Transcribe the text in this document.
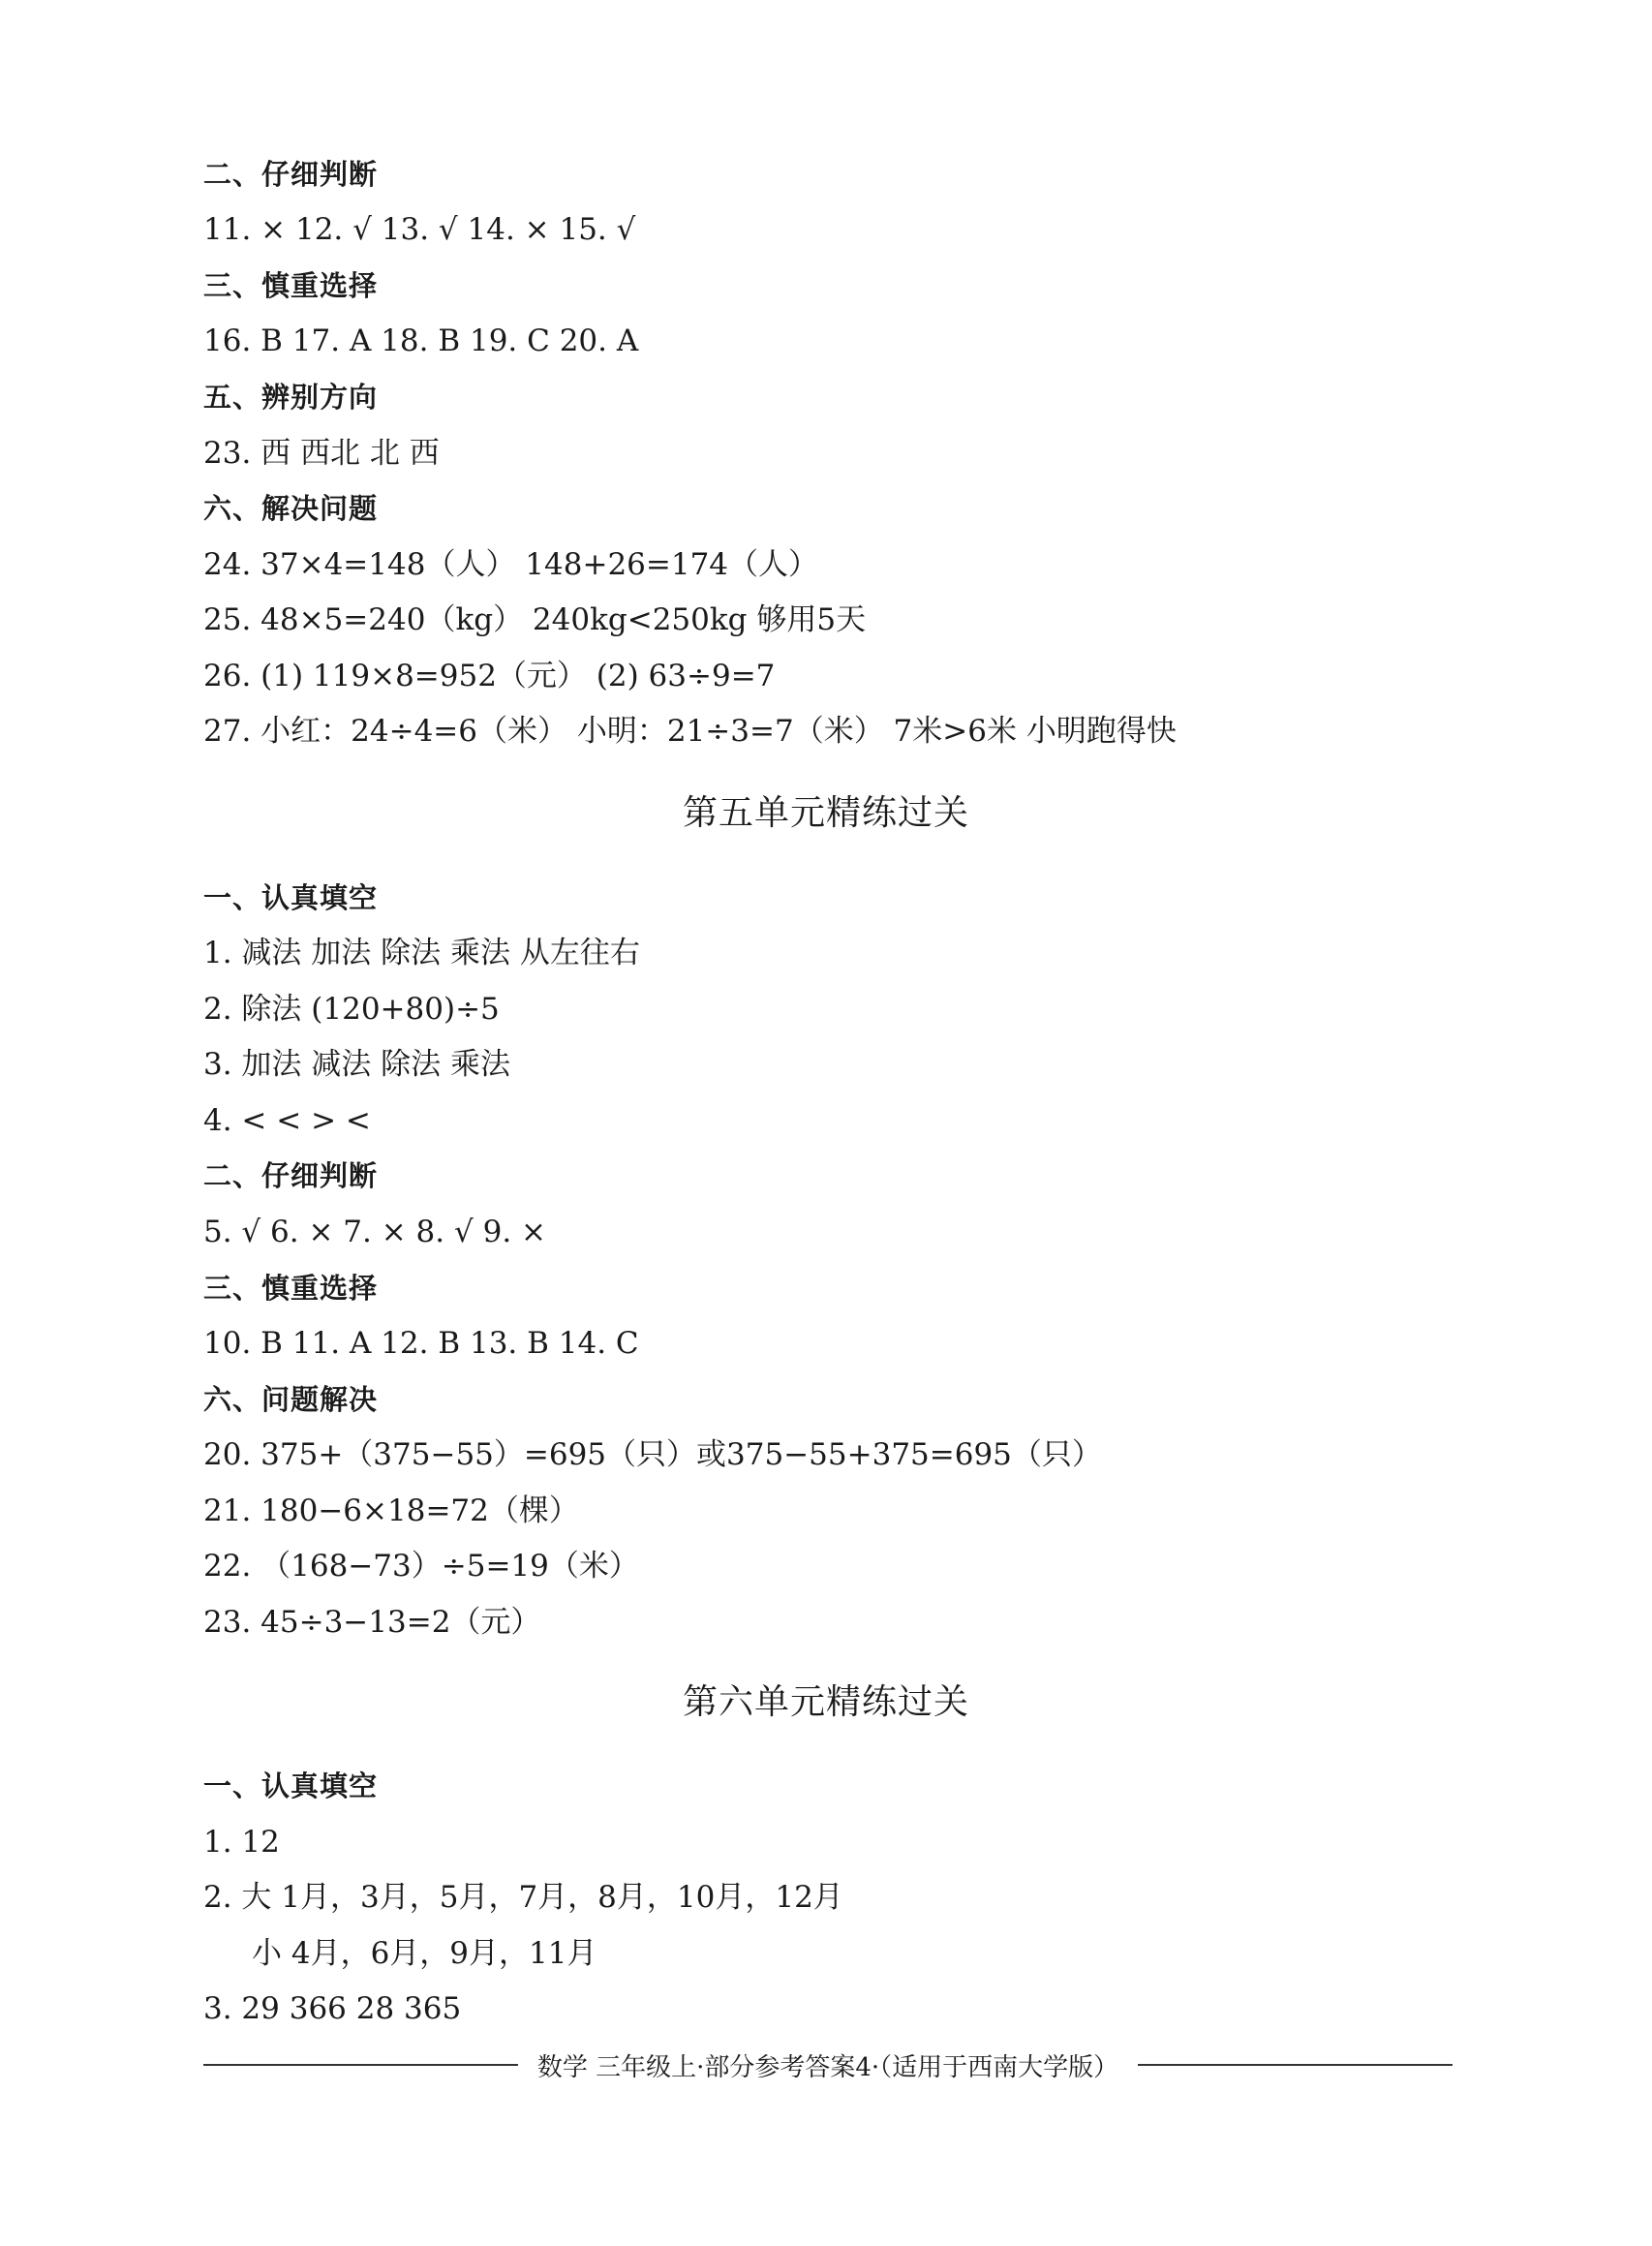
二、仔细判断
11. × 12. √ 13. √ 14. × 15. √
三、慎重选择
16. B 17. A 18. B 19. C 20. A
五、辨别方向
23. 西 西北 北 西
六、解决问题
24. 37×4=148（人） 148+26=174（人）
25. 48×5=240（kg） 240kg<250kg 够用5天
26. (1) 119×8=952（元） (2) 63÷9=7
27. 小红：24÷4=6（米） 小明：21÷3=7（米） 7米>6米 小明跑得快
第五单元精练过关
一、认真填空
1. 减法 加法 除法 乘法 从左往右
2. 除法 (120+80)÷5
3. 加法 减法 除法 乘法
4. < < > <
二、仔细判断
5. √ 6. × 7. × 8. √ 9. ×
三、慎重选择
10. B 11. A 12. B 13. B 14. C
六、问题解决
20. 375+（375−55）=695（只）或375−55+375=695（只）
21. 180−6×18=72（棵）
22. （168−73）÷5=19（米）
23. 45÷3−13=2（元）
第六单元精练过关
一、认真填空
1. 12
2. 大 1月，3月，5月，7月，8月，10月，12月
小 4月，6月，9月，11月
3. 29 366 28 365
数学 三年级上·部分参考答案4·（适用于西南大学版）
